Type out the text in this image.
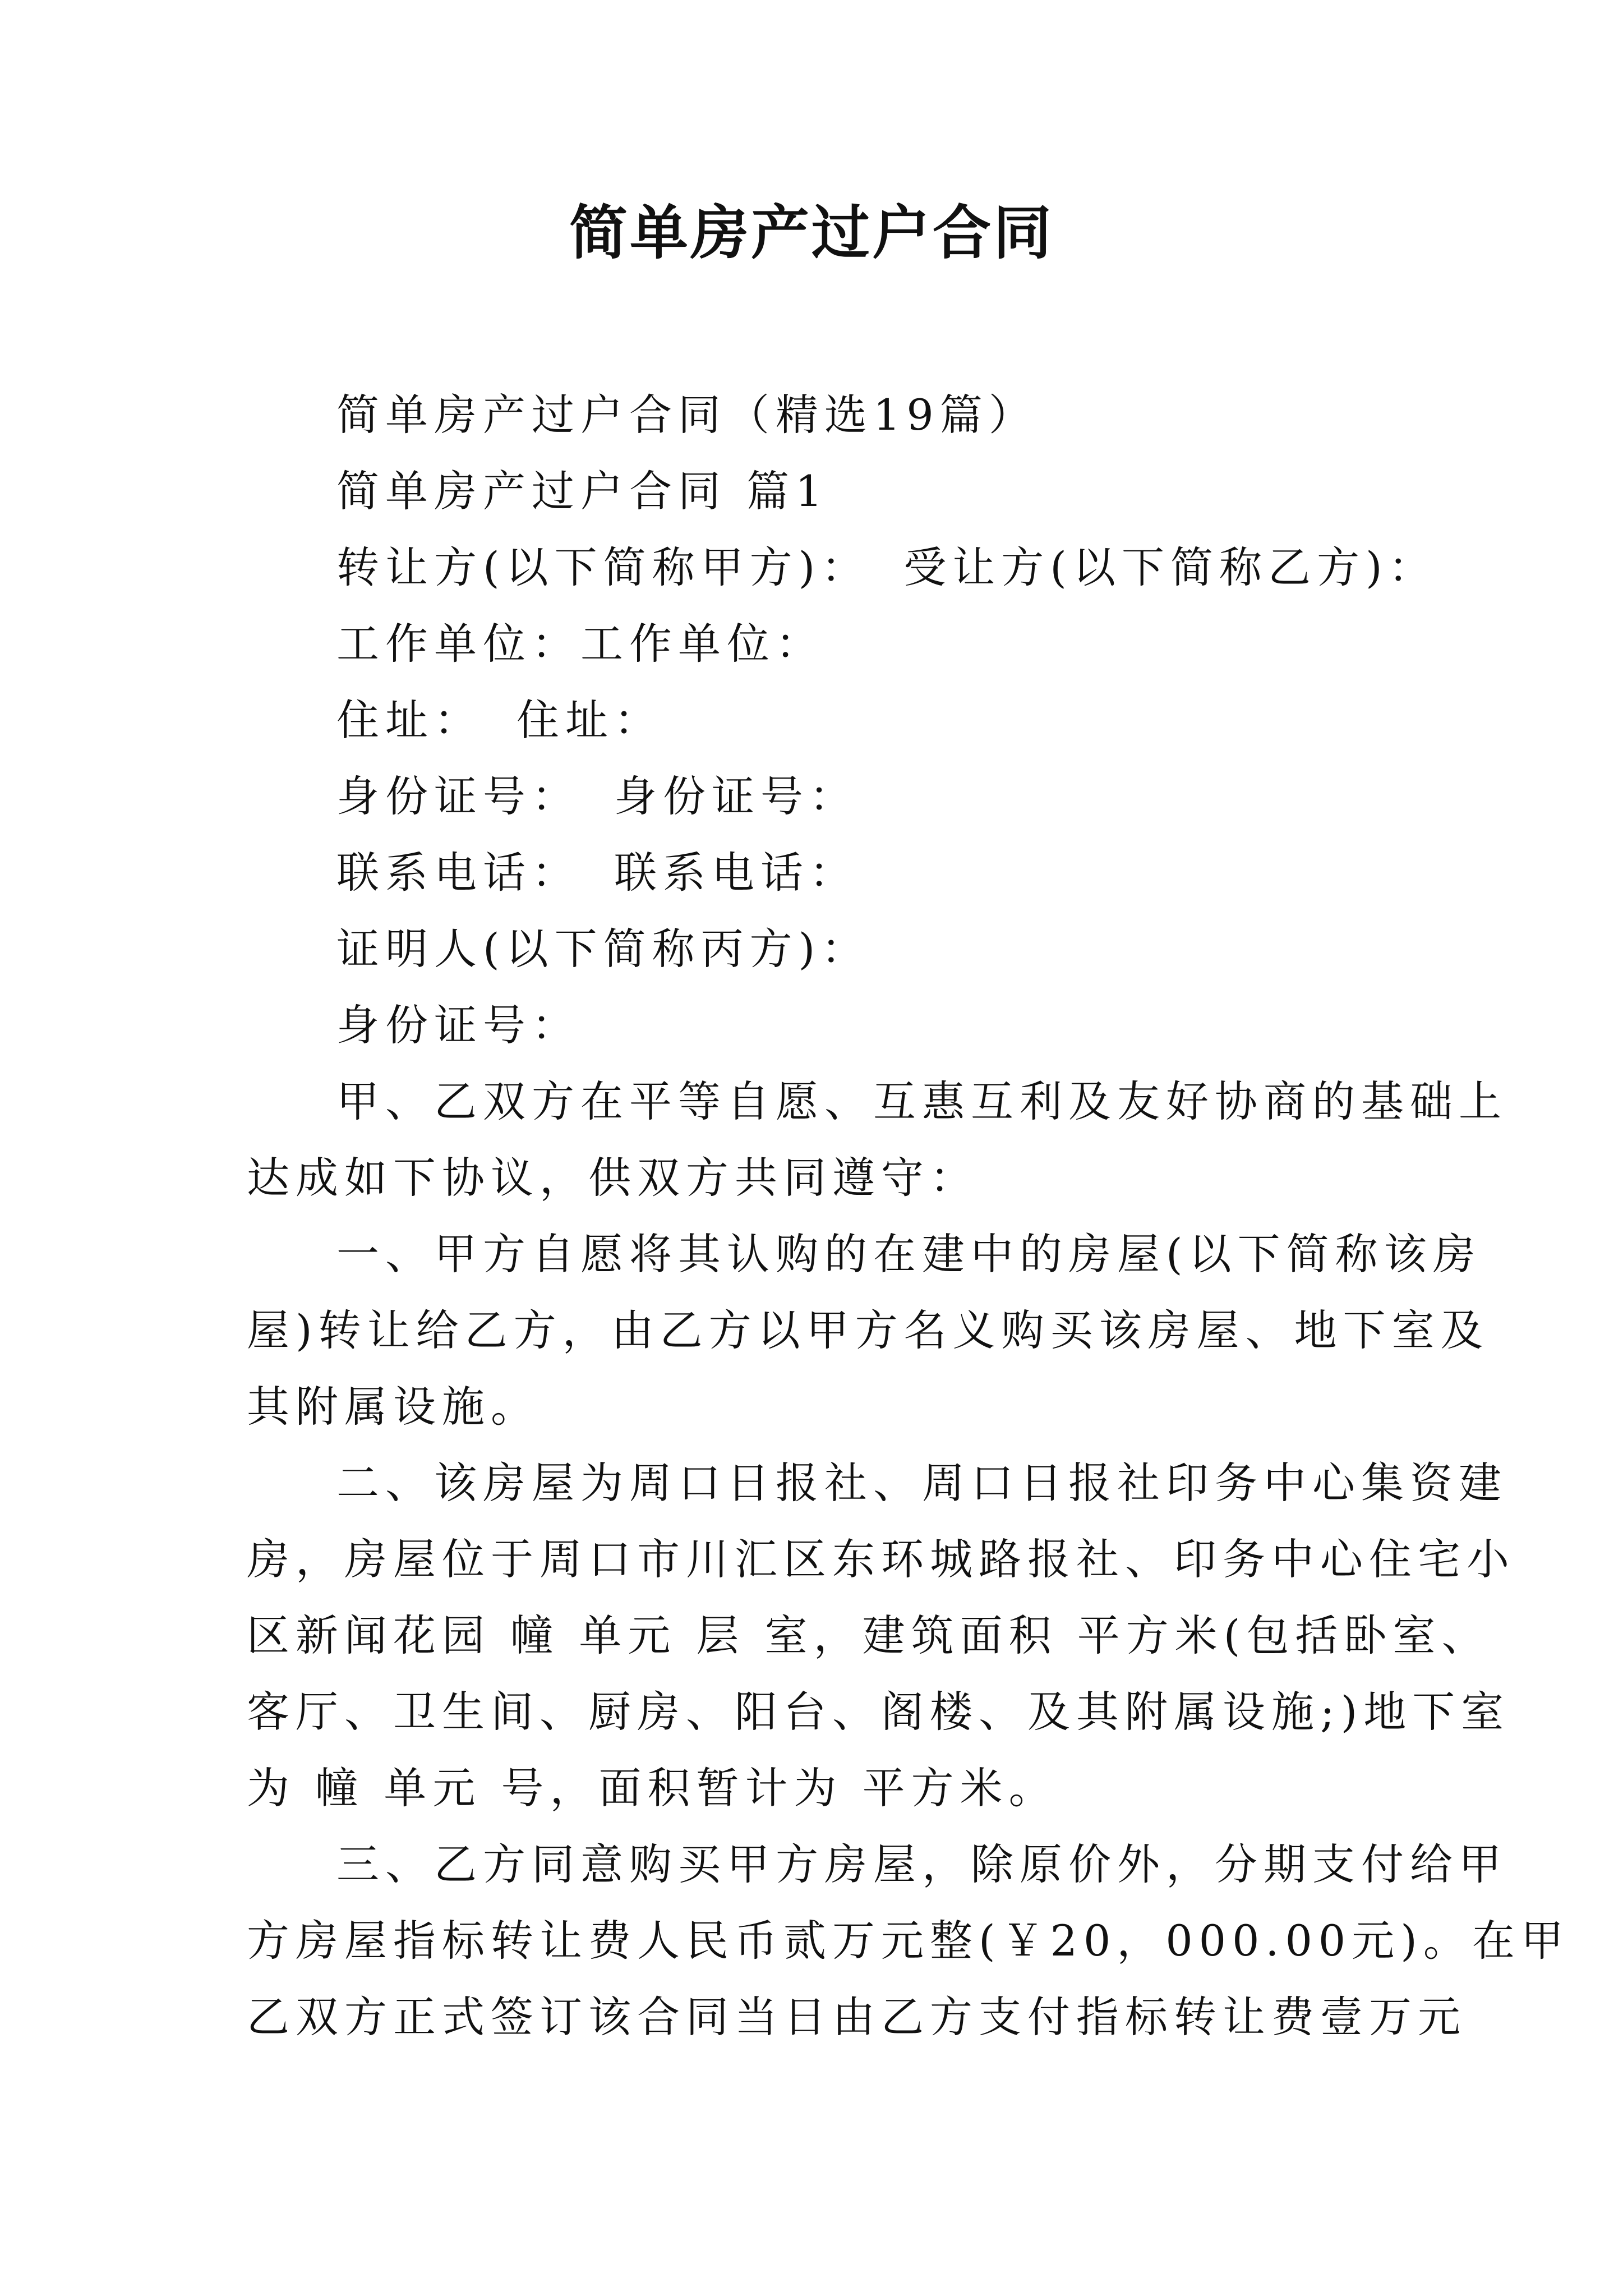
简单房产过户合同
简单房产过户合同（精选19篇）
简单房产过户合同 篇1
转让方(以下简称甲方)： 受让方(以下简称乙方)：
工作单位：工作单位：
住址： 住址：
身份证号： 身份证号：
联系电话： 联系电话：
证明人(以下简称丙方)：
身份证号：
甲、乙双方在平等自愿、互惠互利及友好协商的基础上
达成如下协议，供双方共同遵守：
一、甲方自愿将其认购的在建中的房屋(以下简称该房
屋)转让给乙方，由乙方以甲方名义购买该房屋、地下室及
其附属设施。
二、该房屋为周口日报社、周口日报社印务中心集资建
房，房屋位于周口市川汇区东环城路报社、印务中心住宅小
区新闻花园 幢 单元 层 室，建筑面积 平方米(包括卧室、
客厅、卫生间、厨房、阳台、阁楼、及其附属设施;)地下室
为 幢 单元 号，面积暂计为 平方米。
三、乙方同意购买甲方房屋，除原价外，分期支付给甲
方房屋指标转让费人民币贰万元整(￥20，000.00元)。在甲
乙双方正式签订该合同当日由乙方支付指标转让费壹万元
